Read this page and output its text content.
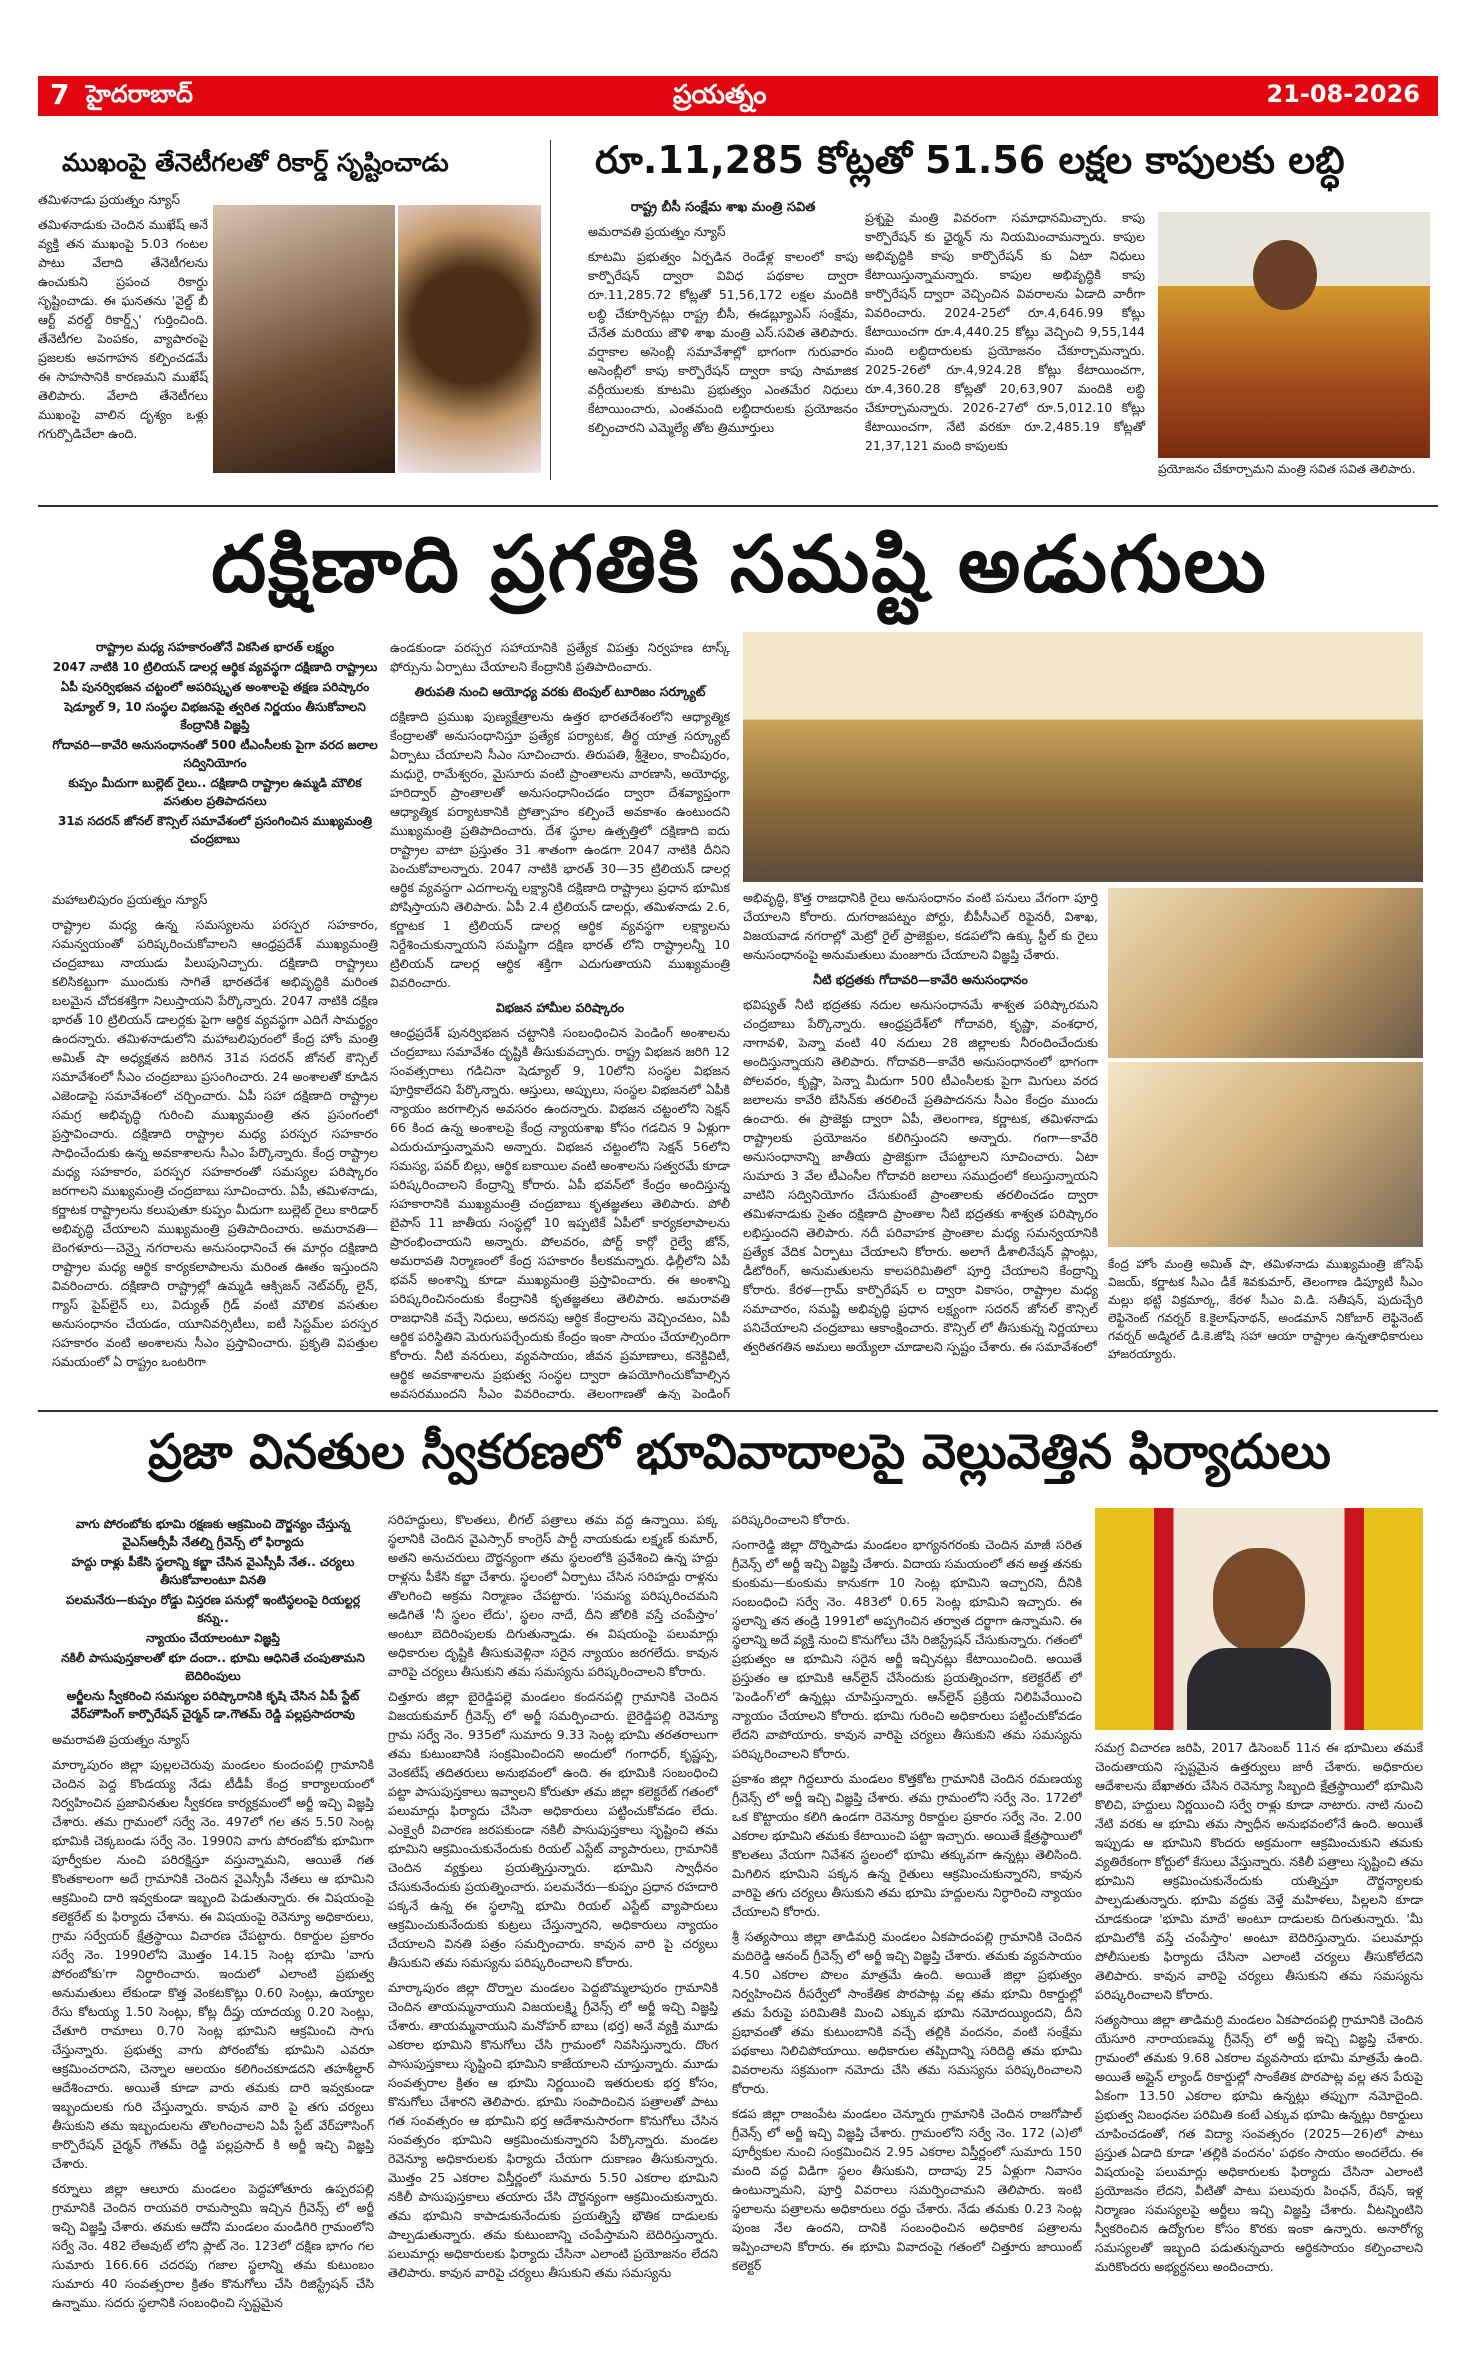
7 హైదరాబాద్	ప్రయత్నం	21-08-2026
ముఖంపై తేనెటీగలతో రికార్డ్ సృష్టించాడు

తమిళనాడు ప్రయత్నం న్యూస్

తమిళనాడుకు చెందిన ముఖేష్ అనే వ్యక్తి తన ముఖంపై 5.03 గంటల పాటు వేలాది తేనెటీగలను ఉంచుకుని ప్రపంచ రికార్డు సృష్టించాడు. ఈ ఘనతను 'వైల్డ్ బీ ఆర్ట్ వరల్డ్ రికార్డ్స్' గుర్తించింది. తేనెటీగల పెంపకం, వ్యాపారంపై ప్రజలకు అవగాహన కల్పించడమే ఈ సాహసానికి కారణమని ముఖేష్ తెలిపారు. వేలాది తేనెటీగలు ముఖంపై వాలిన దృశ్యం ఒళ్లు గగుర్పొడిచేలా ఉంది.

రూ.11,285 కోట్లతో 51.56 లక్షల కాపులకు లబ్ధి
రాష్ట్ర బీసీ సంక్షేమ శాఖ మంత్రి సవిత

అమరావతి ప్రయత్నం న్యూస్

కూటమి ప్రభుత్వం ఏర్పడిన రెండేళ్ల కాలంలో కాపు కార్పొరేషన్ ద్వారా వివిధ పథకాల ద్వారా రూ.11,285.72 కోట్లతో 51,56,172 లక్షల మందికి లబ్ధి చేకూర్చినట్లు రాష్ట్ర బీసీ, ఈడబ్ల్యూఎస్ సంక్షేమ, చేనేత మరియు జౌళి శాఖ మంత్రి ఎస్.సవిత తెలిపారు. వర్షాకాల అసెంబ్లీ సమావేశాల్లో భాగంగా గురువారం అసెంబ్లీలో కాపు కార్పొరేషన్ ద్వారా కాపు సామాజిక వర్గీయులకు కూటమి ప్రభుత్వం ఎంతమేర నిధులు కేటాయించారు, ఎంతమంది లబ్ధిదారులకు ప్రయోజనం కల్పించారని ఎమ్మెల్యే తోట త్రిమూర్తులు

ప్రశ్నపై మంత్రి వివరంగా సమాధానమిచ్చారు. కాపు కార్పొరేషన్ కు ఛైర్మన్ ను నియమించామన్నారు. కాపుల అభివృద్ధికి కాపు కార్పొరేషన్ కు ఏటా నిధులు కేటాయిస్తున్నామన్నారు. కాపుల అభివృద్ధికి కాపు కార్పొరేషన్ ద్వారా వెచ్చించిన వివరాలను ఏడాది వారీగా వివరించారు. 2024-25లో రూ.4,646.99 కోట్లు కేటాయించగా రూ.4,440.25 కోట్లు వెచ్చించి 9,55,144 మంది లబ్ధిదారులకు ప్రయోజనం చేకూర్చామన్నారు. 2025-26లో రూ.4,924.28 కోట్లు కేటాయించగా, రూ.4,360.28 కోట్లతో 20,63,907 మందికి లబ్ధి చేకూర్చామన్నారు. 2026-27లో రూ.5,012.10 కోట్లు కేటాయించగా, నేటి వరకూ రూ.2,485.19 కోట్లతో 21,37,121 మంది కాపులకు

ప్రయోజనం చేకూర్చామని మంత్రి సవిత సవిత తెలిపారు.
దక్షిణాది ప్రగతికి సమష్టి అడుగులు

రాష్ట్రాల మధ్య సహకారంతోనే వికసిత భారత్ లక్ష్యం

2047 నాటికి 10 ట్రిలియన్ డాలర్ల ఆర్థిక వ్యవస్థగా దక్షిణాది రాష్ట్రాలు

ఏపీ పునర్విభజన చట్టంలో అపరిష్కృత అంశాలపై తక్షణ పరిష్కారం

షెడ్యూల్ 9, 10 సంస్థల విభజనపై త్వరిత నిర్ణయం తీసుకోవాలని కేంద్రానికి విజ్ఞప్తి

గోదావరి—కావేరి అనుసంధానంతో 500 టీఎంసీలకు పైగా వరద జలాల సద్వినియోగం

కుప్పం మీదుగా బుల్లెట్ రైలు.. దక్షిణాది రాష్ట్రాల ఉమ్మడి మౌలిక వసతుల ప్రతిపాదనలు

31వ సదరన్ జోనల్ కౌన్సిల్ సమావేశంలో ప్రసంగించిన ముఖ్యమంత్రి చంద్రబాబు

మహాబలిపురం ప్రయత్నం న్యూస్

రాష్ట్రాల మధ్య ఉన్న సమస్యలను పరస్పర సహకారం, సమన్వయంతో పరిష్కరించుకోవాలని ఆంధ్రప్రదేశ్ ముఖ్యమంత్రి చంద్రబాబు నాయుడు పిలుపునిచ్చారు. దక్షిణాది రాష్ట్రాలు కలిసికట్టుగా ముందుకు సాగితే భారతదేశ అభివృద్ధికి మరింత బలమైన చోదకశక్తిగా నిలుస్తాయని పేర్కొన్నారు. 2047 నాటికి దక్షిణ భారత్ 10 ట్రిలియన్ డాలర్లకు పైగా ఆర్థిక వ్యవస్థగా ఎదిగే సామర్థ్యం ఉందన్నారు. తమిళనాడులోని మహాబలిపురంలో కేంద్ర హోం మంత్రి అమిత్ షా అధ్యక్షతన జరిగిన 31వ సదరన్ జోనల్ కౌన్సిల్ సమావేశంలో సీఎం చంద్రబాబు ప్రసంగించారు. 24 అంశాలతో కూడిన ఎజెండాపై సమావేశంలో చర్చించారు. ఏపీ సహా దక్షిణాది రాష్ట్రాల సమగ్ర అభివృద్ధి గురించి ముఖ్యమంత్రి తన ప్రసంగంలో ప్రస్తావించారు. దక్షిణాది రాష్ట్రాల మధ్య పరస్పర సహకారం సాధించేందుకు ఉన్న అవకాశాలను సీఎం పేర్కొన్నారు. కేంద్ర రాష్ట్రాల మధ్య సహకారం, పరస్పర సహకారంతో సమస్యల పరిష్కారం జరగాలని ముఖ్యమంత్రి చంద్రబాబు సూచించారు. ఏపీ, తమిళనాడు, కర్ణాటక రాష్ట్రాలను కలుపుతూ కుప్పం మీదుగా బుల్లెట్ రైలు కారిడార్ అభివృద్ధి చేయాలని ముఖ్యమంత్రి ప్రతిపాదించారు. అమరావతి—బెంగళూరు—చెన్నై నగరాలను అనుసంధానించే ఈ మార్గం దక్షిణాది రాష్ట్రాల మధ్య ఆర్థిక కార్యకలాపాలను మరింత ఊతం ఇస్తుందని వివరించారు. దక్షిణాది రాష్ట్రాల్లో ఉమ్మడి ఆక్సిజన్ నెట్‌వర్క్ లైన్, గ్యాస్ పైప్‌లైన్ లు, విద్యుత్ గ్రిడ్ వంటి మౌలిక వసతుల అనుసంధానం చేయడం, యూనివర్సిటీలు, ఐటీ సిస్టమ్‌ల పరస్పర సహకారం వంటి అంశాలను సీఎం ప్రస్తావించారు. ప్రకృతి విపత్తుల సమయంలో ఏ రాష్ట్రం ఒంటరిగా

ఉండకుండా పరస్పర సహాయానికి ప్రత్యేక విపత్తు నిర్వహణ టాస్క్ ఫోర్సును ఏర్పాటు చేయాలని కేంద్రానికి ప్రతిపాదించారు.

తిరుపతి నుంచి ఆయోధ్య వరకు టెంపుల్ టూరిజం సర్క్యూట్

దక్షిణాది ప్రముఖ పుణ్యక్షేత్రాలను ఉత్తర భారతదేశంలోని ఆధ్యాత్మిక కేంద్రాలతో అనుసంధానిస్తూ ప్రత్యేక పర్యాటక, తీర్థ యాత్ర సర్క్యూట్ ఏర్పాటు చేయాలని సీఎం సూచించారు. తిరుపతి, శ్రీశైలం, కాంచీపురం, మధురై, రామేశ్వరం, మైసూరు వంటి ప్రాంతాలను వారణాసి, అయోధ్య, హరిద్వార్ ప్రాంతాలతో అనుసంధానించడం ద్వారా దేశవ్యాప్తంగా ఆధ్యాత్మిక పర్యాటకానికి ప్రోత్సాహం కల్పించే అవకాశం ఉంటుందని ముఖ్యమంత్రి ప్రతిపాదించారు. దేశ స్థూల ఉత్పత్తిలో దక్షిణాది ఐదు రాష్ట్రాల వాటా ప్రస్తుతం 31 శాతంగా ఉండగా 2047 నాటికి దీనిని పెంచుకోవాలన్నారు. 2047 నాటికి భారత్ 30—35 ట్రిలియన్ డాలర్ల ఆర్థిక వ్యవస్థగా ఎదగాలన్న లక్ష్యానికి దక్షిణాది రాష్ట్రాలు ప్రధాన భూమిక పోషిస్తాయని తెలిపారు. ఏపీ 2.4 ట్రిలియన్ డాలర్లు, తమిళనాడు 2.6, కర్ణాటక 1 ట్రిలియన్ డాలర్ల ఆర్థిక వ్యవస్థగా లక్ష్యాలను నిర్దేశించుకున్నాయని సమష్టిగా దక్షిణ భారత్ లోని రాష్ట్రాలన్నీ 10 ట్రిలియన్ డాలర్ల ఆర్థిక శక్తిగా ఎదుగుతాయని ముఖ్యమంత్రి వివరించారు.

విభజన హామీల పరిష్కారం

ఆంధ్రప్రదేశ్ పునర్విభజన చట్టానికి సంబంధించిన పెండింగ్ అంశాలను చంద్రబాబు సమావేశం దృష్టికి తీసుకువచ్చారు. రాష్ట్ర విభజన జరిగి 12 సంవత్సరాలు గడిచినా షెడ్యూల్ 9, 10లోని సంస్థల విభజన పూర్తికాలేదని పేర్కొన్నారు. ఆస్తులు, అప్పులు, సంస్థల విభజనలో ఏపీకి న్యాయం జరగాల్సిన అవసరం ఉందన్నారు. విభజన చట్టంలోని సెక్షన్ 66 కింద ఉన్న అంశాలపై కేంద్ర న్యాయశాఖ కోసం గడచిన 9 ఏళ్లుగా ఎదురుచూస్తున్నామని అన్నారు. విభజన చట్టంలోని సెక్షన్ 56లోని సమస్య, పవర్ బిల్లు, ఆర్థిక బకాయిల వంటి అంశాలను సత్వరమే కూడా పరిష్కరించాలని కేంద్రాన్ని కోరారు. ఏపీ భవన్‌లో కేంద్రం అందిస్తున్న సహకారానికి ముఖ్యమంత్రి చంద్రబాబు కృతజ్ఞతలు తెలిపారు. పోలీ బైపాస్ 11 జాతీయ సంస్థల్లో 10 ఇప్పటికే ఏపీలో కార్యకలాపాలను ప్రారంభించాయని అన్నారు. పోలవరం, పోర్ట్ కార్గో రైల్వే జోన్, అమరావతి నిర్మాణంలో కేంద్ర సహకారం కీలకమన్నారు. ఢిల్లీలోని ఏపీ భవన్ అంశాన్ని కూడా ముఖ్యమంత్రి ప్రస్తావించారు. ఈ అంశాన్ని పరిష్కరించినందుకు కేంద్రానికి కృతజ్ఞతలు తెలిపారు. అమరావతి రాజధానికి వచ్చే నిధులు, అదనపు ఆర్థిక కేంద్రాలను వెచ్చించటం, ఏపీ ఆర్థిక పరిస్థితిని మెరుగుపర్చేందుకు కేంద్రం ఇంకా సాయం చేయాల్సిందిగా కోరారు. నీటి వనరులు, వ్యవసాయం, జీవన ప్రమాణాలు, కనెక్టివిటీ, ఆర్థిక అవకాశాలను ప్రభుత్వ సంస్థల ద్వారా ఉపయోగించుకోవాల్సిన అవసరముందని సీఎం వివరించారు. తెలంగాణతో ఉన్న పెండింగ్

అభివృద్ధి, కొత్త రాజధానికి రైలు అనుసంధానం వంటి పనులు వేగంగా పూర్తి చేయాలని కోరారు. దుగరాజపట్నం పోర్టు, బీపీసీఎల్ రిఫైనరీ, విశాఖ, విజయవాడ నగరాల్లో మెట్రో రైల్ ప్రాజెక్టుల, కడపలోని ఉక్కు స్టీల్ కు రైలు అనుసంధానంపై అనుమతులు మంజూరు చేయాలని విజ్ఞప్తి చేశారు.

నీటి భద్రతకు గోదావరి—కావేరి అనుసంధానం

భవిష్యత్ నీటి భద్రతకు నదుల అనుసంధానమే శాశ్వత పరిష్కారమని చంద్రబాబు పేర్కొన్నారు. ఆంధ్రప్రదేశ్‌లో గోదావరి, కృష్ణా, వంశధార, నాగావళి, పెన్నా వంటి 40 నదులు 28 జిల్లాలకు నీరందించేందుకు అందిస్తున్నాయని తెలిపారు. గోదావరి—కావేరి అనుసంధానంలో భాగంగా పోలవరం, కృష్ణా, పెన్నా మీదుగా 500 టీఎంసీలకు పైగా మిగులు వరద జలాలను కావేరి బేసిన్‌కు తరలించే ప్రతిపాదనను సీఎం కేంద్రం ముందు ఉంచారు. ఈ ప్రాజెక్టు ద్వారా ఏపీ, తెలంగాణ, కర్ణాటక, తమిళనాడు రాష్ట్రాలకు ప్రయోజనం కలిగిస్తుందని అన్నారు. గంగా—కావేరి అనుసంధానాన్ని జాతీయ ప్రాజెక్టుగా చేపట్టాలని సూచించారు. ఏటా సుమారు 3 వేల టీఎంసీల గోదావరి జలాలు సముద్రంలో కలుస్తున్నాయని వాటిని సద్వినియోగం చేసుకుంటే ప్రాంతాలకు తరలించడం ద్వారా తమిళనాడుకు సైతం దక్షిణాది ప్రాంతాల నీటి భద్రతకు శాశ్వత పరిష్కారం లభిస్తుందని తెలిపారు. నదీ పరివాహక ప్రాంతాల మధ్య సమన్వయానికి ప్రత్యేక వేదిక ఏర్పాటు చేయాలని కోరారు. అలాగే డీశాలినేషన్ ప్లాంట్లు, డీటోరింగ్, అనుమతులను కాలపరిమితిలో పూర్తి చేయాలని కేంద్రాన్ని కోరారు. కేరళ—గ్రామ్ కార్పొరేషన్ ల ద్వారా వికాసం, రాష్ట్రాల మధ్య సమాచారం, సమష్టి అభివృద్ధి ప్రధాన లక్ష్యంగా సదరన్ జోనల్ కౌన్సిల్ పనిచేయాలని చంద్రబాబు ఆకాంక్షించారు. కౌన్సిల్ లో తీసుకున్న నిర్ణయాలు త్వరితగతిన అమలు అయ్యేలా చూడాలని స్పష్టం చేశారు. ఈ సమావేశంలో

కేంద్ర హోం మంత్రి అమిత్ షా, తమిళనాడు ముఖ్యమంత్రి జోసెఫ్ విజయ్, కర్ణాటక సీఎం డీకే శివకుమార్, తెలంగాణ డిప్యూటీ సీఎం మల్లు భట్టి విక్రమార్క, కేరళ సీఎం వి.డి. సతీషన్, పుదుచ్చేరి లెఫ్టినెంట్ గవర్నర్ కె.కైలాష్‌నాథన్, అండమాన్ నికోబార్ లెఫ్టినెంట్ గవర్నర్ అడ్మిరల్ డి.కె.జోషి సహా ఆయా రాష్ట్రాల ఉన్నతాధికారులు హాజరయ్యారు.
ప్రజా వినతుల స్వీకరణలో భూవివాదాలపై వెల్లువెత్తిన ఫిర్యాదులు

వాగు పోరంబోకు భూమి రక్షణకు ఆక్రమించి దౌర్జన్యం చేస్తున్న వైఎస్ఆర్సీపీ నేతల్ని గ్రీవెన్స్ లో ఫిర్యాదు

హద్దు రాళ్లు పీకేసి స్థలాన్ని కబ్జా చేసిన వైఎస్సీపీ నేత.. చర్యలు తీసుకోవాలంటూ వినతి

పలమనేరు—కుప్పం రోడ్డు విస్తరణ పనుల్లో ఇంటిస్థలంపై రియల్టర్ల కన్ను..

న్యాయం చేయాలంటూ విజ్ఞప్తి

నకిలీ పాసుపుస్తకాలతో భూ దందా.. భూమి ఆధినితే చంపుతామని బెదిరింపులు

అర్జీలను స్వీకరించి సమస్యల పరిష్కారానికి కృషి చేసిన ఏపీ స్టేట్ వేర్‌హౌసింగ్ కార్పొరేషన్ చైర్మన్ డా.గౌతమ్ రెడ్డి పల్లప్రసాదరావు

అమరావతి ప్రయత్నం న్యూస్

మార్కాపురం జిల్లా పుల్లలచెరువు మండలం కుందంపల్లి గ్రామానికి చెందిన పెద్ద కొండయ్య నేడు టీడీపీ కేంద్ర కార్యాలయంలో నిర్వహించిన ప్రజావినతుల స్వీకరణ కార్యక్రమంలో అర్జీ ఇచ్చి విజ్ఞప్తి చేశారు. తమ గ్రామంలో సర్వే నెం. 497లో గల తన 5.50 సెంట్ల భూమికి చెక్కబండు సర్వే నెం. 1990ని వాగు పోరంబోకు భూమిగా పూర్వీకుల నుంచి పరిరక్షిస్తూ వస్తున్నామని, ఆయితే గత కొంతకాలంగా అదే గ్రామానికి చెందిన వైఎస్సీపీ నేతలు ఆ భూమిని ఆక్రమించి దారి ఇవ్వకుండా ఇబ్బంది పెడుతున్నారు. ఈ విషయంపై కలెక్టరేట్ కు ఫిర్యాదు చేశాను. ఈ విషయంపై రెవెన్యూ అధికారులు, గ్రామ సర్వేయర్ క్షేత్రస్థాయి విచారణ చేపట్టారు. రికార్డుల ప్రకారం సర్వే నెం. 1990లోని మొత్తం 14.15 సెంట్ల భూమి 'వాగు పోరంబోకు'గా నిర్ధారించారు. ఇందులో ఎలాంటి ప్రభుత్వ అనుమతులు లేకుండా కొత్త వెంకటకొట్లు 0.60 సెంట్లు, ఉయ్యాల రేసు కోటయ్య 1.50 సెంట్లు, కోట్ల దీప్తు యాదయ్య 0.20 సెంట్లు, చేతూరి రామాలు 0.70 సెంట్ల భూమిని ఆక్రమించి సాగు చేస్తున్నారు. ప్రభుత్వ వాగు పోరంబోకు భూమిని ఎవరూ ఆక్రమించరాదని, చెన్నాల ఆలయం కలిగించకూడదని తహశీల్దార్ ఆదేశించారు. అయితే కూడా వారు తమకు దారి ఇవ్వకుండా ఇబ్బందులకు గురి చేస్తున్నారు. కావున వారి పై తగు చర్యలు తీసుకుని తమ ఇబ్బందులను తొలగించాలని ఏపీ స్టేట్ వేర్‌హౌసింగ్ కార్పొరేషన్ చైర్మన్ గౌతమ్ రెడ్డి పల్లప్రసాద్ కి అర్జీ ఇచ్చి విజ్ఞప్తి చేశారు.

కర్నూలు జిల్లా ఆలూరు మండలం పెద్దహోతూరు ఉప్పరపల్లి గ్రామానికి చెందిన రాయవరి రామస్వామి ఇచ్చిన గ్రీవెన్స్ లో అర్జీ ఇచ్చి విజ్ఞప్తి చేశారు. తమకు ఆదోని మండలం మండిగిరి గ్రామంలోని సర్వే నెం. 482 లేఅవుట్ లోని ప్లాట్ నెం. 123లో దక్షిణ భాగం గల సుమారు 166.66 చదరపు గజాల స్థలాన్ని తమ కుటుంబం సుమారు 40 సంవత్సరాల క్రితం కొనుగోలు చేసి రిజిస్ట్రేషన్ చేసి ఉన్నాము. సదరు స్థలానికి సంబంధించి స్పష్టమైన

సరిహద్దులు, కొలతలు, లీగల్ పత్రాలు తమ వద్ద ఉన్నాయి. పక్క స్థలానికి చెందిన వైఎస్సార్ కాంగ్రెస్ పార్టీ నాయకుడు లక్ష్మణ్ కుమార్, అతని అనుచరులు దౌర్జన్యంగా తమ స్థలంలోకి ప్రవేశించి ఉన్న హద్దు రాళ్లను పీకేసి కబ్జా చేశారు. స్థలంలో ఏర్పాటు చేసిన సరిహద్దు రాళ్లను తొలగించి అక్రమ నిర్మాణం చేపట్టారు. 'సమస్య పరిష్కరించమని అడిగితే 'నీ స్థలం లేదు', స్థలం నాదే, దీని జోలికి వస్తే చంపేస్తాం' అంటూ బెదిరింపులకు దిగుతున్నాడు. ఈ విషయంపై పలుమార్లు అధికారుల దృష్టికి తీసుకువెళ్లినా సరైన న్యాయం జరగలేదు. కావున వారిపై చర్యలు తీసుకుని తమ సమస్యను పరిష్కరించాలని కోరారు.

చిత్తూరు జిల్లా బైరెడ్డిపల్లె మండలం కందనపల్లి గ్రామానికి చెందిన విజయకుమార్ గ్రీవెన్స్ లో అర్జీ సమర్పించారు. బైరెడ్డిపల్లి రెవెన్యూ గ్రామ సర్వే నెం. 935లో సుమారు 9.33 సెంట్ల భూమి తరతరాలుగా తమ కుటుంబానికి సంక్రమించిందని అందులో గంగాధర్, కృష్ణప్ప, వెంకటేష్ తదితరులు అనుభవంలో ఉంది. ఈ భూమికి సంబంధించి పట్టా పాసుపుస్తకాలు ఇవ్వాలని కోరుతూ తమ జిల్లా కలెక్టరేట్ గతంలో పలుమార్లు ఫిర్యాదు చేసినా అధికారులు పట్టించుకోవడం లేదు. ఎంక్వైరీ విచారణ జరపకుండా నకిలీ పాసుపుస్తకాలు సృష్టించి తమ భూమిని ఆక్రమించుకునేందుకు రియల్ ఎస్టేట్ వ్యాపారులు, గ్రామానికి చెందిన వ్యక్తులు ప్రయత్నిస్తున్నారు. భూమిని స్వాధీనం చేసుకునేందుకు ప్రయత్నించారు. పలమనేరు—కుప్పం ప్రధాన రహదారి పక్కనే ఉన్న ఈ స్థలాన్ని భూమి రియల్ ఎస్టేట్ వ్యాపారులు ఆక్రమించుకునేందుకు కుట్రలు చేస్తున్నారని, అధికారులు న్యాయం చేయాలని వినతి పత్రం సమర్పించారు. కావున వారి పై చర్యలు తీసుకుని తమ సమస్యను పరిష్కరించాలని కోరారు.

మార్కాపురం జిల్లా దొర్నాల మండలం పెద్దబొమ్మలాపురం గ్రామానికి చెందిన తాయమ్మనాయుని విజయలక్ష్మి గ్రీవెన్స్ లో అర్జీ ఇచ్చి విజ్ఞప్తి చేశారు. తాయమ్మనాయుని మనోహర్ బాబు (భర్త) అనే వ్యక్తి మూడు ఎకరాల భూమిని కొనుగోలు చేసి గ్రామంలో నివసిస్తున్నారు. దొంగ పాసుపుస్తకాలు సృష్టించి భూమిని కాజేయాలని చూస్తున్నారు. మూడు సంవత్సరాల క్రితం ఆ భూమి నిర్ణయించి ఇతరులకు భర్త కోసం, కొనుగోలు చేశారని తెలిపారు. భూమి సంపాదించిన పత్రాలతో పాటు గత సంవత్సరం ఆ భూమిని భర్త ఆదేశానుసారంగా కొనుగోలు చేసిన సంవత్సరం భూమిని ఆక్రమించుకున్నారని పేర్కొన్నారు. మండల రెవెన్యూ అధికారులకు ఫిర్యాదు చేయగా దుకాణం తీసుకున్నారు. మొత్తం 25 ఎకరాల విస్తీర్ణంలో సుమారు 5.50 ఎకరాల భూమిని నకిలీ పాసుపుస్తకాలు తయారు చేసి దౌర్జన్యంగా ఆక్రమించుకున్నారు. తమ భూమిని కాపాడుకునేందుకు ప్రయత్నిస్తే భౌతిక దాడులకు పాల్పడుతున్నారు. తమ కుటుంబాన్ని చంపేస్తామని బెదిరిస్తున్నారు. పలుమార్లు అధికారులకు ఫిర్యాదు చేసినా ఎలాంటి ప్రయోజనం లేదని తెలిపారు. కావున వారిపై చర్యలు తీసుకుని తమ సమస్యను

పరిష్కరించాలని కోరారు.

సంగారెడ్డి జిల్లా దొర్నిపాడు మండలం భాగ్యనగరంకు చెందిన మాజీ సరిత గ్రీవెన్స్ లో అర్జీ ఇచ్చి విజ్ఞప్తి చేశారు. విదాయ సమయంలో తన అత్త తనకు కుంకుమ—కుంకుమ కానుకగా 10 సెంట్ల భూమిని ఇచ్చారని, దీనికి సంబంధించి సర్వే నెం. 483లో 0.65 సెంట్ల భూమిని ఇచ్చారు. ఈ స్థలాన్ని తన తండ్రి 1991లో అప్పగించిన తర్వాత దర్జాగా ఉన్నామని. ఈ స్థలాన్ని అదే వ్యక్తి నుంచి కొనుగోలు చేసి రిజిస్ట్రేషన్ చేసుకున్నారు. గతంలో ప్రభుత్వం ఆ భూమిని సరైన అర్జీ ఇచ్చినట్లు కేటాయించింది. అయితే ప్రస్తుతం ఆ భూమికి ఆన్‌లైన్ చేసేందుకు ప్రయత్నించగా, కలెక్టరేట్ లో 'పెండింగ్'లో ఉన్నట్లు చూపిస్తున్నారు. ఆన్‌లైన్ ప్రక్రియ నిలిపివేయించి న్యాయం చేయాలని కోరారు. భూమి గురించి అధికారులు పట్టించుకోవడం లేదని వాపోయారు. కావున వారిపై చర్యలు తీసుకుని తమ సమస్యను పరిష్కరించాలని కోరారు.

ప్రకాశం జిల్లా గిద్దలూరు మండలం కొత్తకోట గ్రామానికి చెందిన రమణయ్య గ్రీవెన్స్ లో అర్జీ ఇచ్చి విజ్ఞప్తి చేశారు. తమ గ్రామంలోని సర్వే నెం. 172లో ఒక కొట్టాయం కలిగి ఉండగా రెవెన్యూ రికార్డుల ప్రకారం సర్వే నెం. 2.00 ఎకరాల భూమిని తమకు కేటాయించి పట్టా ఇచ్చారు. అయితే క్షేత్రస్థాయిలో కొలతలు వేయగా నివేశన స్థలంలో భూమి తక్కువగా ఉన్నట్లు తెలిసింది. మిగిలిన భూమిని పక్కన ఉన్న రైతులు ఆక్రమించుకున్నారని, కావున వారిపై తగు చర్యలు తీసుకుని తమ భూమి హద్దులను నిర్ధారించి న్యాయం చేయాలని కోరారు.

శ్రీ సత్యసాయి జిల్లా తాడిమర్రి మండలం ఏకపాదంపల్లి గ్రామానికి చెందిన మదిరెడ్డి ఆనంద్ గ్రీవెన్స్ లో అర్జీ ఇచ్చి విజ్ఞప్తి చేశారు. తమకు వ్యవసాయం 4.50 ఎకరాల పొలం మాత్రమే ఉంది. అయితే జిల్లా ప్రభుత్వం నిర్వహించిన రీసర్వేలో సాంకేతిక పొరపాట్ల వల్ల తమ భూమి రికార్డుల్లో తమ పేరుపై పరిమితికి మించి ఎక్కువ భూమి నమోదయ్యిందని, దీని ప్రభావంతో తమ కుటుంబానికి వచ్చే తల్లికి వందనం, వంటి సంక్షేమ పథకాలు నిలిచిపోయాయి. అధికారుల తప్పిదాన్ని సరిదిద్ది తమ భూమి వివరాలను సక్రమంగా నమోదు చేసి తమ సమస్యను పరిష్కరించాలని కోరారు.

కడప జిల్లా రాజంపేట మండలం చెన్నూరు గ్రామానికి చెందిన రాజగోపాల్ గ్రీవెన్స్ లో అర్జీ ఇచ్చి విజ్ఞప్తి చేశారు. గ్రామంలోని సర్వే నెం. 172 (ఎ)లో పూర్వీకుల నుంచి సంక్రమించిన 2.95 ఎకరాల విస్తీర్ణంలో సుమారు 150 మంది వద్ద విడిగా స్థలం తీసుకుని, దాదాపు 25 ఏళ్లుగా నివాసం ఉంటున్నామని, పూర్తి వివరాలు సమర్పించామని తెలిపారు. ఇంటి స్థలాలను పత్రాలను అధికారులు రద్దు చేశారు. నేడు తమకు 0.23 సెంట్ల పుంజ నేల ఉందని, దానికి సంబంధించిన అధికారిక పత్రాలను ఇప్పించాలని కోరారు. ఈ భూమి వివాదంపై గతంలో చిత్తూరు జాయింట్ కలెక్టర్

సమగ్ర విచారణ జరిపి, 2017 డిసెంబర్ 11న ఈ భూమిలు తమకే చెందుతాయని స్పష్టమైన ఉత్తర్వులు జారీ చేశారు. అధికారుల ఆదేశాలను బేఖాతరు చేసిన రెవెన్యూ సిబ్బంది క్షేత్రస్థాయిలో భూమిని కొలిచి, హద్దులు నిర్ణయించి సర్వే రాళ్లు కూడా నాటారు. నాటి నుంచి నేటి వరకు ఆ భూమి తమ స్వాధీన అనుభవంలోనే ఉంది. అయితే ఇప్పుడు ఆ భూమిని కొందరు అక్రమంగా ఆక్రమించుకుని తమకు వ్యతిరేకంగా కోర్టులో కేసులు వేస్తున్నారు. నకిలీ పత్రాలు సృష్టించి తమ భూమిని ఆక్రమించుకునేందుకు యత్నిస్తూ దౌర్జన్యాలకు పాల్పడుతున్నారు. భూమి వద్దకు వెళ్తే మహిళలు, పిల్లలని కూడా చూడకుండా 'భూమి మాదే' అంటూ దాడులకు దిగుతున్నారు. 'మీ భూమిలోకి వస్తే చంపేస్తాం' అంటూ బెదిరిస్తున్నారు. పలుమార్లు పోలీసులకు ఫిర్యాదు చేసినా ఎలాంటి చర్యలు తీసుకోలేదని తెలిపారు. కావున వారిపై చర్యలు తీసుకుని తమ సమస్యను పరిష్కరించాలని కోరారు.

సత్యసాయి జిల్లా తాడిమర్రి మండలం ఏకపాదంపల్లి గ్రామానికి చెందిన యేసూరి నారాయణమ్మ గ్రీవెన్స్ లో అర్జీ ఇచ్చి విజ్ఞప్తి చేశారు. గ్రామంలో తమకు 9.68 ఎకరాల వ్యవసాయ భూమి మాత్రమే ఉంది. అయితే అప్లైన్ ల్యాండ్ రికార్డుల్లో సాంకేతిక పొరపాట్ల వల్ల తన పేరుపై ఏకంగా 13.50 ఎకరాల భూమి ఉన్నట్లు తప్పుగా నమోదైంది. ప్రభుత్వ నిబంధనల పరిమితి కంటే ఎక్కువ భూమి ఉన్నట్లు రికార్డులు చూపించడంతో, గత విద్యా సంవత్సరం (2025—26)లో పాటు ప్రస్తుత ఏడాది కూడా 'తల్లికి వందనం' పథకం సాయం అందలేదు. ఈ విషయంపై పలుమార్లు అధికారులకు ఫిర్యాదు చేసినా ఎలాంటి ప్రయోజనం లేదని, వీటితో పాటు పలువురు పింఛన్, రేషన్, ఇళ్ల నిర్మాణం సమస్యలపై అర్జీలు ఇచ్చి విజ్ఞప్తి చేశారు. వీటన్నింటిని స్వీకరించిన ఉద్యోగుల కోసం కొరకు ఇంకా ఉన్నారు. అనారోగ్య సమస్యలతో ఇబ్బంది పడుతున్నవారు ఆర్థికసాయం కల్పించాలని మరికొందరు అభ్యర్ధనలు అందించారు.
